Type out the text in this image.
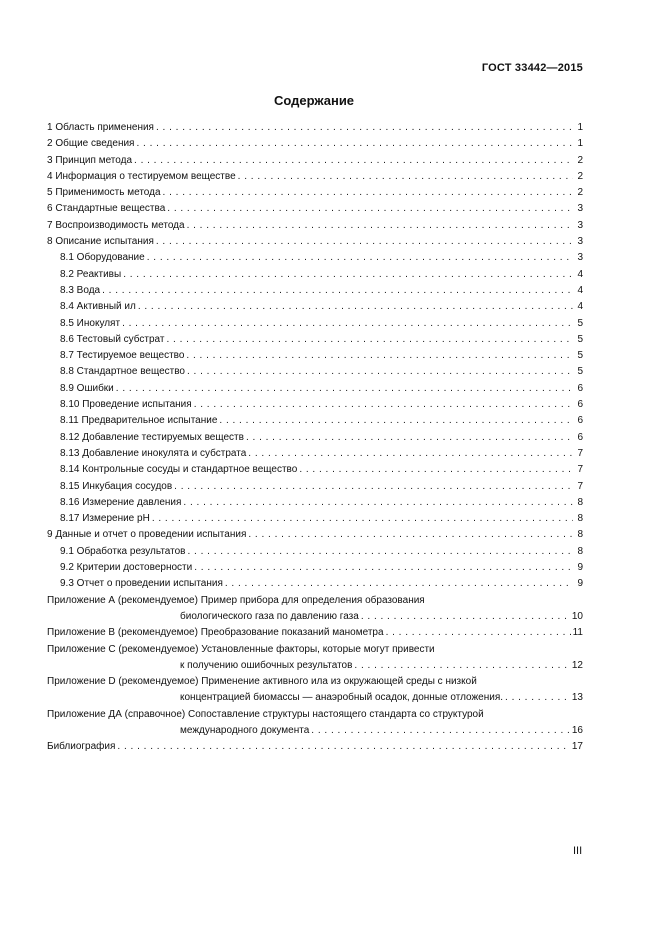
ГОСТ 33442—2015
Содержание
1 Область применения . . .	1
2 Общие сведения . . .	1
3 Принцип метода . . .	2
4 Информация о тестируемом веществе . . .	2
5 Применимость метода . . .	2
6 Стандартные вещества . . .	3
7 Воспроизводимость метода . . .	3
8 Описание испытания . . .	3
8.1 Оборудование . . .	3
8.2 Реактивы . . .	4
8.3 Вода . . .	4
8.4 Активный ил . . .	4
8.5 Инокулят . . .	5
8.6 Тестовый субстрат . . .	5
8.7 Тестируемое вещество . . .	5
8.8 Стандартное вещество . . .	5
8.9 Ошибки . . .	6
8.10 Проведение испытания . . .	6
8.11 Предварительное испытание . . .	6
8.12 Добавление тестируемых веществ . . .	6
8.13 Добавление инокулята и субстрата . . .	7
8.14 Контрольные сосуды и стандартное вещество . . .	7
8.15 Инкубация сосудов . . .	7
8.16 Измерение давления . . .	8
8.17 Измерение pH . . .	8
9 Данные и отчет о проведении испытания . . .	8
9.1 Обработка результатов . . .	8
9.2 Критерии достоверности . . .	9
9.3 Отчет о проведении испытания . . .	9
Приложение А (рекомендуемое) Пример прибора для определения образования
биологического газа по давлению газа . . .	10
Приложение В (рекомендуемое) Преобразование показаний манометра . . .	11
Приложение С (рекомендуемое) Установленные факторы, которые могут привести
к получению ошибочных результатов . . .	12
Приложение D (рекомендуемое) Применение активного ила из окружающей среды с низкой
концентрацией биомассы — анаэробный осадок, донные отложения. . . .	13
Приложение ДА (справочное) Сопоставление структуры настоящего стандарта со структурой
международного документа . . .	16
Библиография . . .	17
III
